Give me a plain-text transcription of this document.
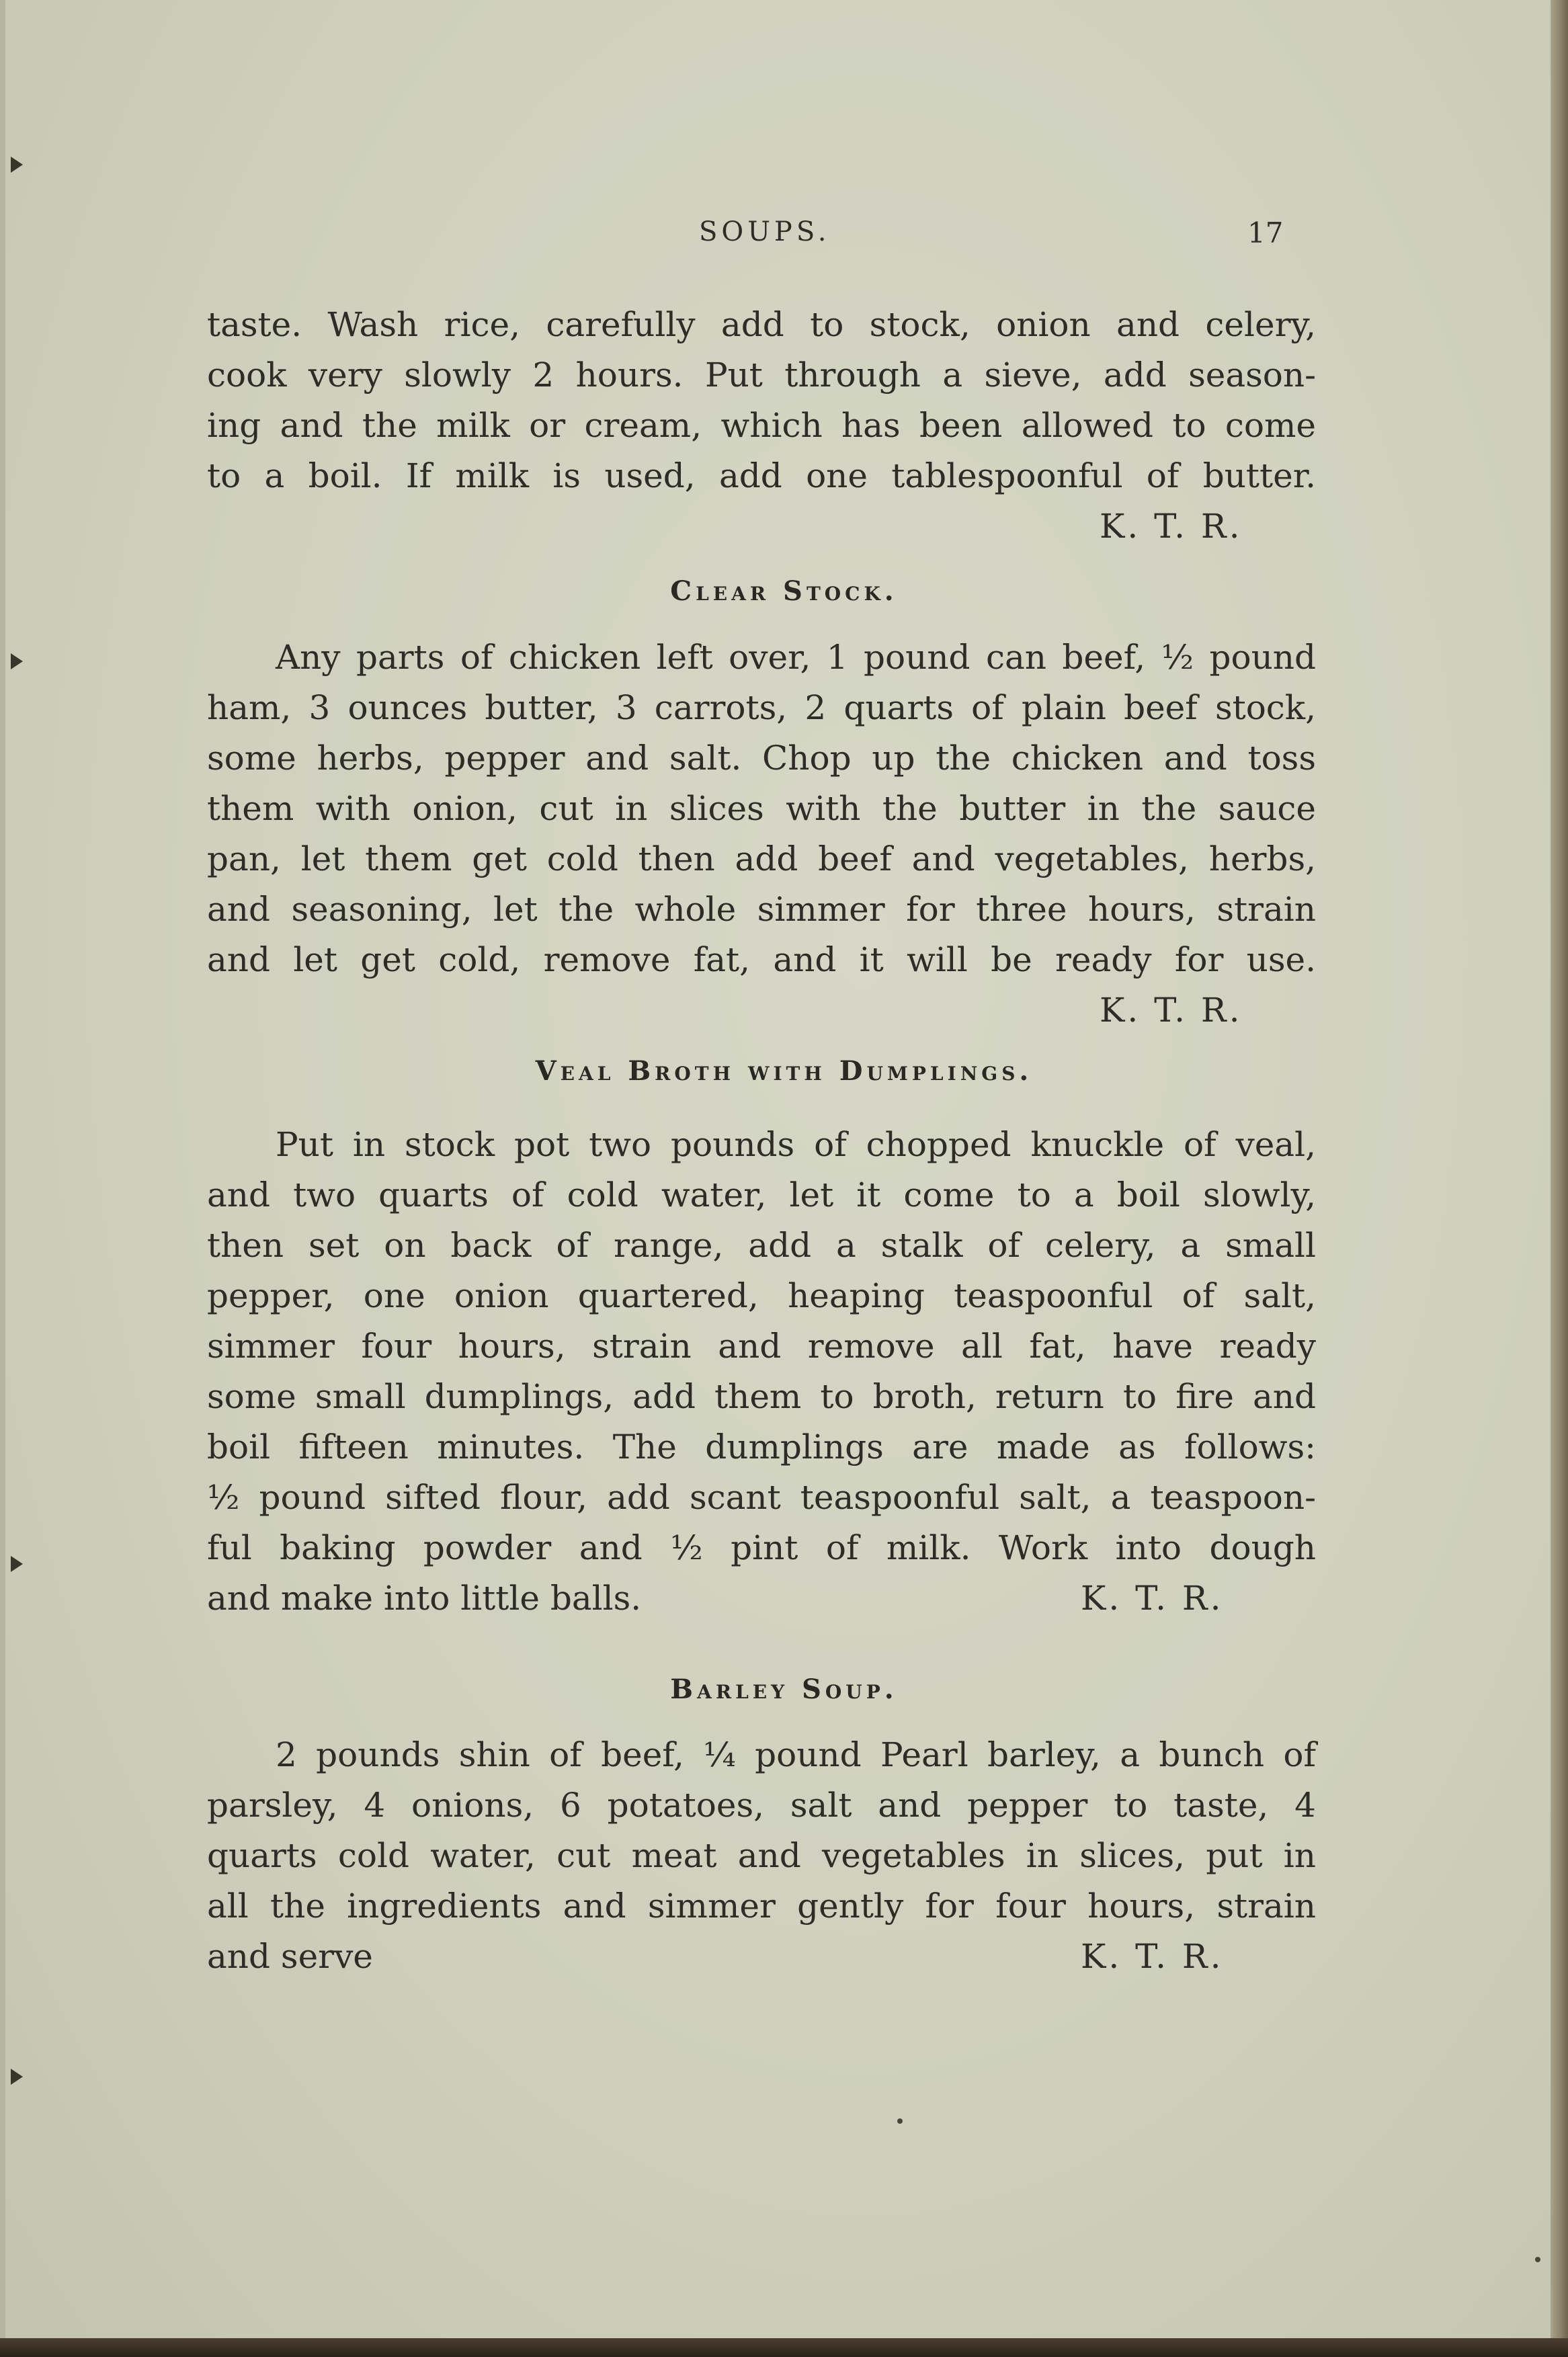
SOUPS.	17
taste. Wash rice, carefully add to stock, onion and celery,
cook very slowly 2 hours. Put through a sieve, add season-
ing and the milk or cream, which has been allowed to come
to a boil. If milk is used, add one tablespoonful of butter.
K. T. R.
Clear Stock.
Any parts of chicken left over, 1 pound can beef, ½ pound
ham, 3 ounces butter, 3 carrots, 2 quarts of plain beef stock,
some herbs, pepper and salt. Chop up the chicken and toss
them with onion, cut in slices with the butter in the sauce
pan, let them get cold then add beef and vegetables, herbs,
and seasoning, let the whole simmer for three hours, strain
and let get cold, remove fat, and it will be ready for use.
K. T. R.
Veal Broth with Dumplings.
Put in stock pot two pounds of chopped knuckle of veal,
and two quarts of cold water, let it come to a boil slowly,
then set on back of range, add a stalk of celery, a small
pepper, one onion quartered, heaping teaspoonful of salt,
simmer four hours, strain and remove all fat, have ready
some small dumplings, add them to broth, return to fire and
boil fifteen minutes. The dumplings are made as follows:
½ pound sifted flour, add scant teaspoonful salt, a teaspoon-
ful baking powder and ½ pint of milk. Work into dough
and make into little balls.	K. T. R.
Barley Soup.
2 pounds shin of beef, ¼ pound Pearl barley, a bunch of
parsley, 4 onions, 6 potatoes, salt and pepper to taste, 4
quarts cold water, cut meat and vegetables in slices, put in
all the ingredients and simmer gently for four hours, strain
and serve	K. T. R.
